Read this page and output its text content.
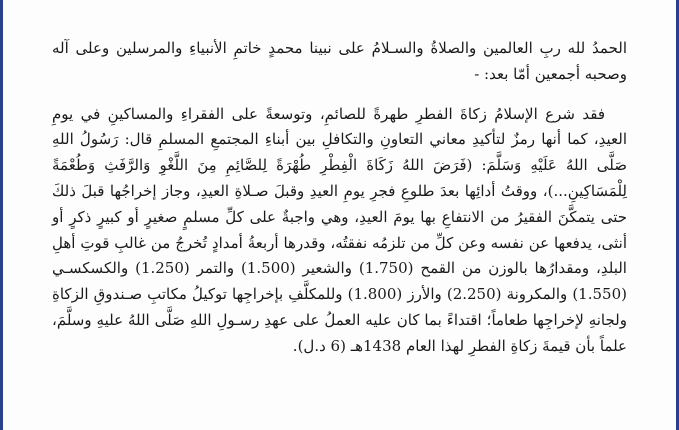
الحمدُ لله ربِ العالمين والصلاةُ والسـلامُ على نبينا محمدٍ خاتمِ الأنبياءِ والمرسلين وعلى آله وصحبه أجمعين أمّا بعد: -

فقد شرع الإسلامُ زكاةَ الفطرِ طهرةً للصائمِ، وتوسعةً على الفقراءِ والمساكينِ في يومِ العيدِ، كما أنها رمزٌ لتأكيدِ معاني التعاونِ والتكافلِ بين أبناءِ المجتمعِ المسلمِ قال: رَسُولُ اللهِ صَلَّى اللهُ عَلَيْهِ وَسَلَّمَ: (فَرَضَ اللهُ زَكَاةَ الْفِطْرِ طُهْرَةً لِلصَّائِمِ مِنَ اللَّغْوِ وَالرَّفَثِ وَطُعْمَةً لِلْمَسَاكِينِ...)، ووقتُ أدائِها بعدَ طلوعِ فجرِ يومِ العيدِ وقبلَ صـلاةِ العيدِ، وجاز إخراجُها قبلَ ذلكَ حتى يتمكَّنَ الفقيرُ من الانتفاعِ بها يومَ العيدِ، وهي واجبةٌ على كلِّ مسلمٍ صغيرٍ أو كبيرٍ ذكرٍ أو أنثى، يدفعها عن نفسه وعن كلِّ من تلزمُه نفقتُه، وقدرها أربعةُ أمدادٍ تُخرجُ من غالبِ قوتِ أهلِ البلدِ، ومقدارُها بالوزن من القمح (1.750) والشعير (1.500) والتمر (1.250) والكسكسـي (1.550) والمكرونة (2.250) والأرز (1.800) وللمكلَّفِ بإخراجِها توكيلُ مكاتبِ صـندوقِ الزكاةِ ولجانهِ لإخراجِها طعاماً؛ اقتداءً بما كان عليه العملُ على عهدِ رسـولِ اللهِ صَلَّى اللهُ عليهِ وسلَّمَ، علماً بأن قيمةَ زكاةِ الفطرِ لهذا العام 1438هـ (6 د.ل).
